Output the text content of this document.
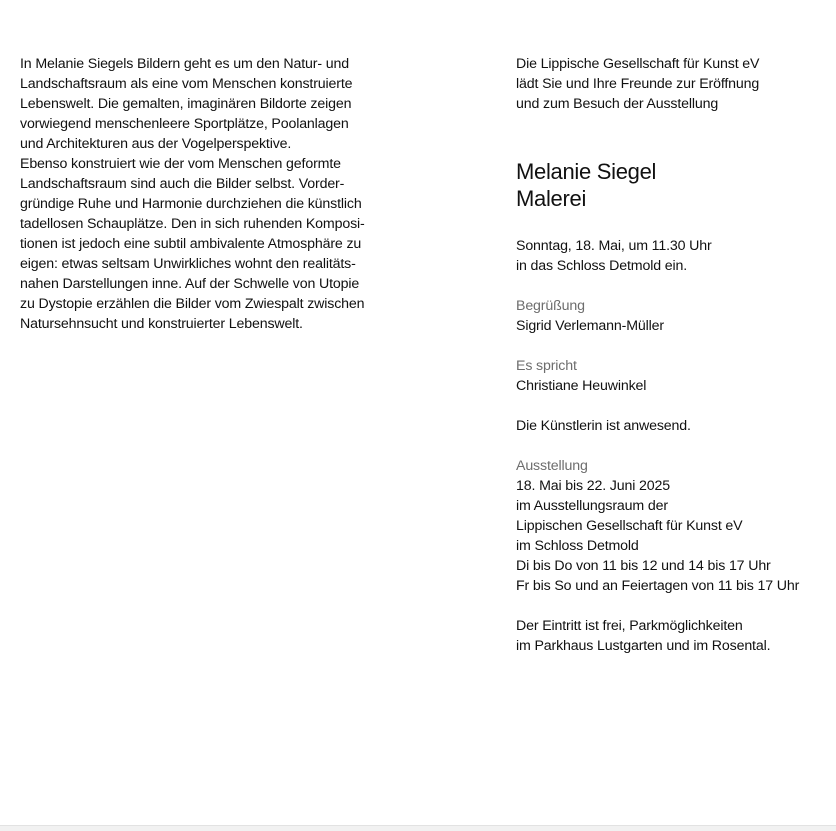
In Melanie Siegels Bildern geht es um den Natur- und
Landschaftsraum als eine vom Menschen konstruierte
Lebenswelt. Die gemalten, imaginären Bildorte zeigen
vorwiegend menschenleere Sportplätze, Poolanlagen
und Architekturen aus der Vogelperspektive.
Ebenso konstruiert wie der vom Menschen geformte
Landschaftsraum sind auch die Bilder selbst. Vorder-
gründige Ruhe und Harmonie durchziehen die künstlich
tadellosen Schauplätze. Den in sich ruhenden Komposi-
tionen ist jedoch eine subtil ambivalente Atmosphäre zu
eigen: etwas seltsam Unwirkliches wohnt den realitäts-
nahen Darstellungen inne. Auf der Schwelle von Utopie
zu Dystopie erzählen die Bilder vom Zwiespalt zwischen
Natursehnsucht und konstruierter Lebenswelt.
Die Lippische Gesellschaft für Kunst eV
lädt Sie und Ihre Freunde zur Eröffnung
und zum Besuch der Ausstellung
Melanie Siegel
Malerei
Sonntag, 18. Mai, um 11.30 Uhr
in das Schloss Detmold ein.
Begrüßung
Sigrid Verlemann-Müller
Es spricht
Christiane Heuwinkel
Die Künstlerin ist anwesend.
Ausstellung
18. Mai bis 22. Juni 2025
im Ausstellungsraum der
Lippischen Gesellschaft für Kunst eV
im Schloss Detmold
Di bis Do von 11 bis 12 und 14 bis 17 Uhr
Fr bis So und an Feiertagen von 11 bis 17 Uhr
Der Eintritt ist frei, Parkmöglichkeiten
im Parkhaus Lustgarten und im Rosental.
